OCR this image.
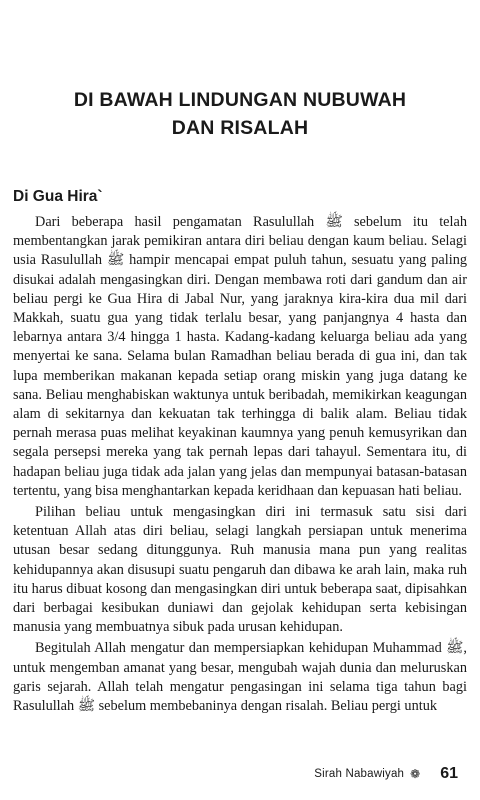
DI BAWAH LINDUNGAN NUBUWAH
DAN RISALAH
Di Gua Hira`

Dari beberapa hasil pengamatan Rasulullah ﷺ sebelum itu telah membentangkan jarak pemikiran antara diri beliau dengan kaum beliau. Selagi usia Rasulullah ﷺ hampir mencapai empat puluh tahun, sesuatu yang paling disukai adalah mengasingkan diri. Dengan membawa roti dari gandum dan air beliau pergi ke Gua Hira di Jabal Nur, yang jaraknya kira-kira dua mil dari Makkah, suatu gua yang tidak terlalu besar, yang panjangnya 4 hasta dan lebarnya antara 3/4 hingga 1 hasta. Kadang-kadang keluarga beliau ada yang menyertai ke sana. Selama bulan Ramadhan beliau berada di gua ini, dan tak lupa memberikan makanan kepada setiap orang miskin yang juga datang ke sana. Beliau menghabiskan waktunya untuk beribadah, memikirkan keagungan alam di sekitarnya dan kekuatan tak terhingga di balik alam. Beliau tidak pernah merasa puas melihat keyakinan kaumnya yang penuh kemusyrikan dan segala persepsi mereka yang tak pernah lepas dari tahayul. Sementara itu, di hadapan beliau juga tidak ada jalan yang jelas dan mempunyai batasan-batasan tertentu, yang bisa menghantarkan kepada keridhaan dan kepuasan hati beliau.

Pilihan beliau untuk mengasingkan diri ini termasuk satu sisi dari ketentuan Allah atas diri beliau, selagi langkah persiapan untuk menerima utusan besar sedang ditunggunya. Ruh manusia mana pun yang realitas kehidupannya akan disusupi suatu pengaruh dan dibawa ke arah lain, maka ruh itu harus dibuat kosong dan mengasingkan diri untuk beberapa saat, dipisahkan dari berbagai kesibukan duniawi dan gejolak kehidupan serta kebisingan manusia yang membuatnya sibuk pada urusan kehidupan.

Begitulah Allah mengatur dan mempersiapkan kehidupan Muhammad ﷺ, untuk mengemban amanat yang besar, mengubah wajah dunia dan meluruskan garis sejarah. Allah telah mengatur pengasingan ini selama tiga tahun bagi Rasulullah ﷺ sebelum membebaninya dengan risalah. Beliau pergi untuk

Sirah Nabawiyah ❁ 61
